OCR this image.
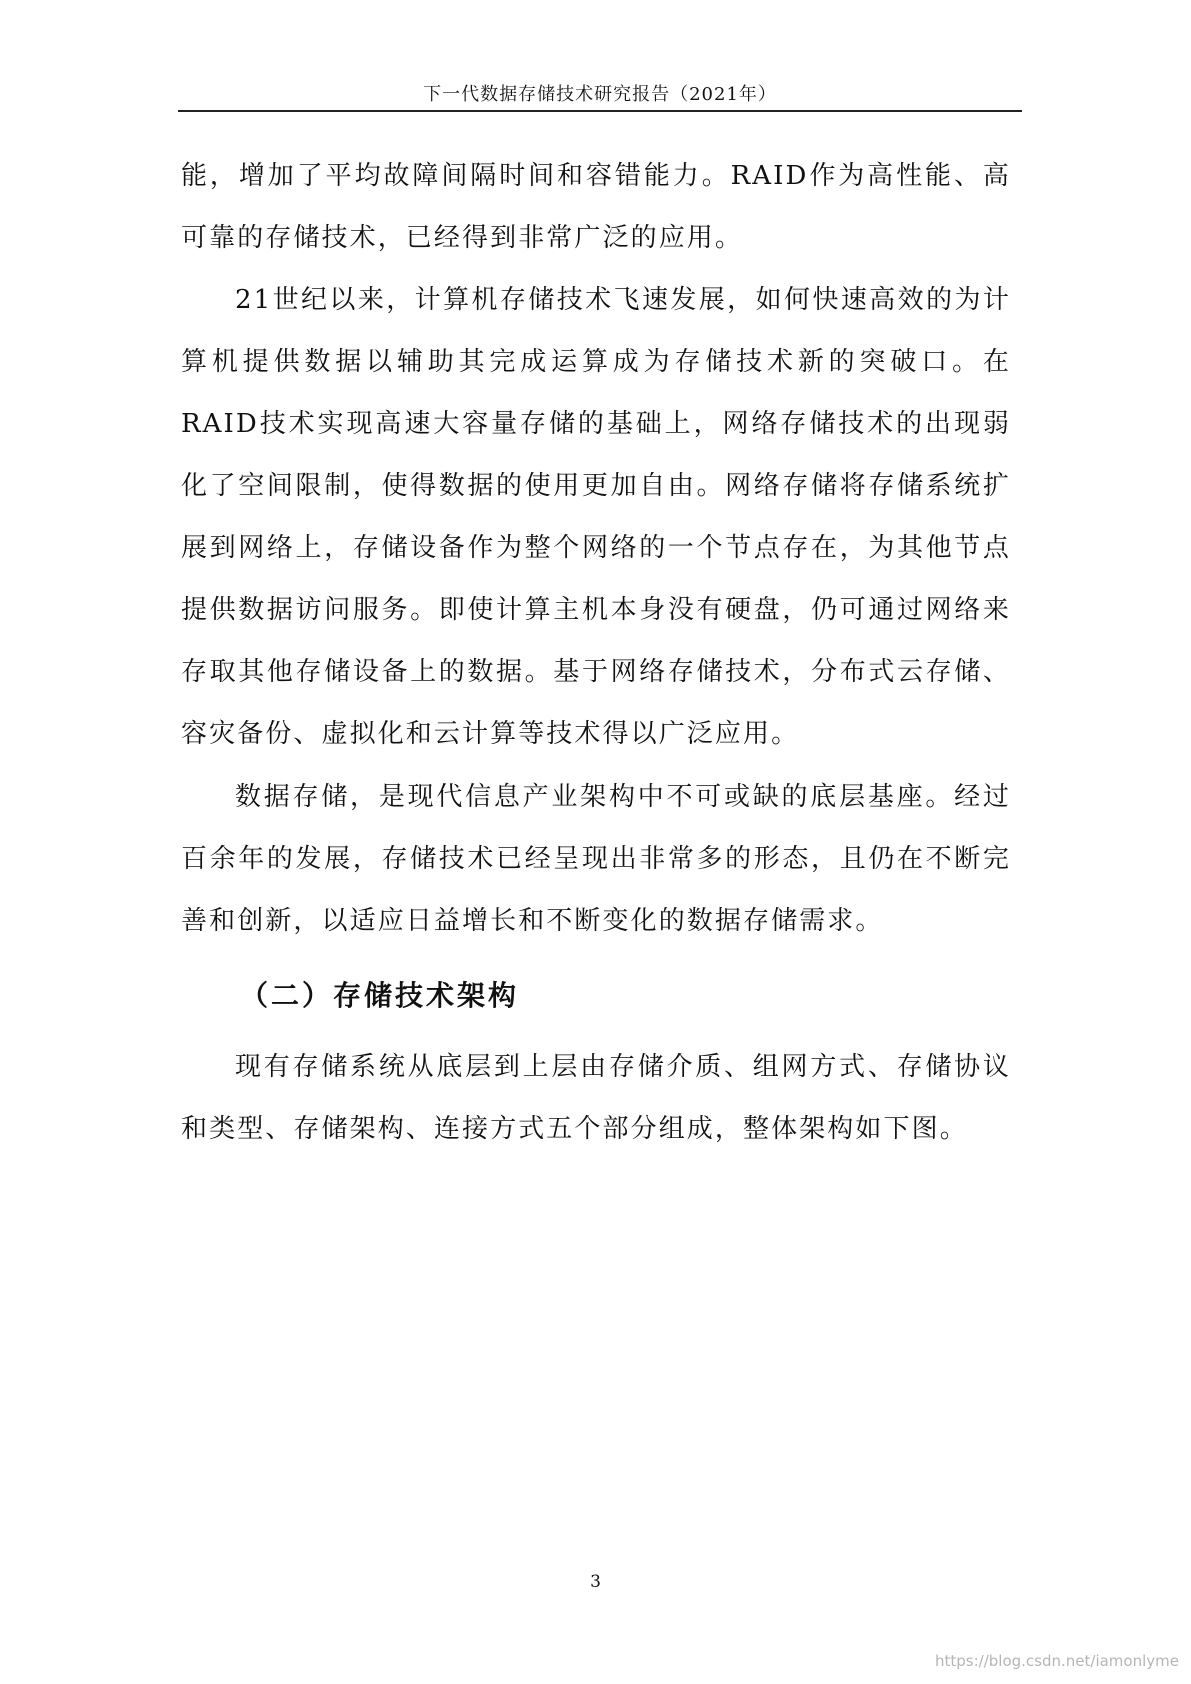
下一代数据存储技术研究报告（2021年）

能，增加了平均故障间隔时间和容错能力。RAID作为高性能、高可靠的存储技术，已经得到非常广泛的应用。

21世纪以来，计算机存储技术飞速发展，如何快速高效的为计算机提供数据以辅助其完成运算成为存储技术新的突破口。在RAID技术实现高速大容量存储的基础上，网络存储技术的出现弱化了空间限制，使得数据的使用更加自由。网络存储将存储系统扩展到网络上，存储设备作为整个网络的一个节点存在，为其他节点提供数据访问服务。即使计算主机本身没有硬盘，仍可通过网络来存取其他存储设备上的数据。基于网络存储技术，分布式云存储、容灾备份、虚拟化和云计算等技术得以广泛应用。

数据存储，是现代信息产业架构中不可或缺的底层基座。经过百余年的发展，存储技术已经呈现出非常多的形态，且仍在不断完善和创新，以适应日益增长和不断变化的数据存储需求。

（二）存储技术架构

现有存储系统从底层到上层由存储介质、组网方式、存储协议和类型、存储架构、连接方式五个部分组成，整体架构如下图。

3
https://blog.csdn.net/iamonlyme
